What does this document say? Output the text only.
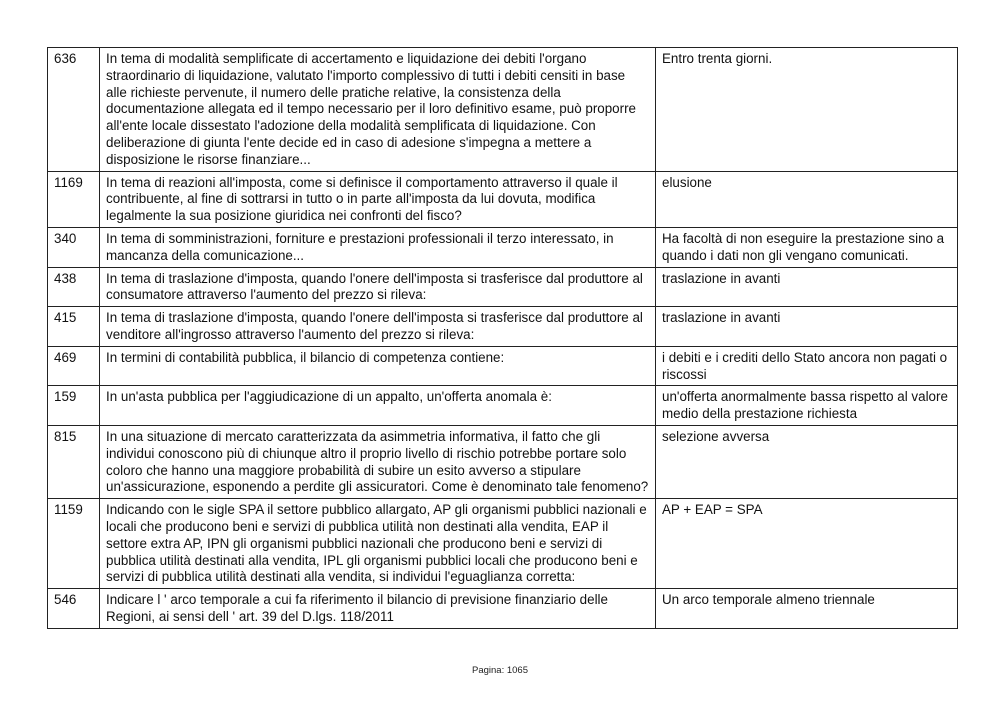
636	In tema di modalità semplificate di accertamento e liquidazione dei debiti l'organo straordinario di liquidazione, valutato l'importo complessivo di tutti i debiti censiti in base alle richieste pervenute, il numero delle pratiche relative, la consistenza della documentazione allegata ed il tempo necessario per il loro definitivo esame, può proporre all'ente locale dissestato l'adozione della modalità semplificata di liquidazione. Con deliberazione di giunta l'ente decide ed in caso di adesione s'impegna a mettere a disposizione le risorse finanziare...	Entro trenta giorni.
1169	In tema di reazioni all'imposta, come si definisce il comportamento attraverso il quale il contribuente, al fine di sottrarsi in tutto o in parte all'imposta da lui dovuta, modifica legalmente la sua posizione giuridica nei confronti del fisco?	elusione
340	In tema di somministrazioni, forniture e prestazioni professionali il terzo interessato, in mancanza della comunicazione...	Ha facoltà di non eseguire la prestazione sino a quando i dati non gli vengano comunicati.
438	In tema di traslazione d'imposta, quando l'onere dell'imposta si trasferisce dal produttore al consumatore attraverso l'aumento del prezzo si rileva:	traslazione in avanti
415	In tema di traslazione d'imposta, quando l'onere dell'imposta si trasferisce dal produttore al venditore all'ingrosso attraverso l'aumento del prezzo si rileva:	traslazione in avanti
469	In termini di contabilità pubblica, il bilancio di competenza contiene:	i debiti e i crediti dello Stato ancora non pagati o riscossi
159	In un'asta pubblica per l'aggiudicazione di un appalto, un'offerta anomala è:	un'offerta anormalmente bassa rispetto al valore medio della prestazione richiesta
815	In una situazione di mercato caratterizzata da asimmetria informativa, il fatto che gli individui conoscono più di chiunque altro il proprio livello di rischio potrebbe portare solo coloro che hanno una maggiore probabilità di subire un esito avverso a stipulare un'assicurazione, esponendo a perdite gli assicuratori. Come è denominato tale fenomeno?	selezione avversa
1159	Indicando con le sigle SPA il settore pubblico allargato, AP gli organismi pubblici nazionali e locali che producono beni e servizi di pubblica utilità non destinati alla vendita, EAP il settore extra AP, IPN gli organismi pubblici nazionali che producono beni e servizi di pubblica utilità destinati alla vendita, IPL gli organismi pubblici locali che producono beni e servizi di pubblica utilità destinati alla vendita, si individui l'eguaglianza corretta:	AP + EAP = SPA
546	Indicare l ' arco temporale a cui fa riferimento il bilancio di previsione finanziario delle Regioni, ai sensi dell ' art. 39 del D.lgs. 118/2011	Un arco temporale almeno triennale
Pagina: 1065
